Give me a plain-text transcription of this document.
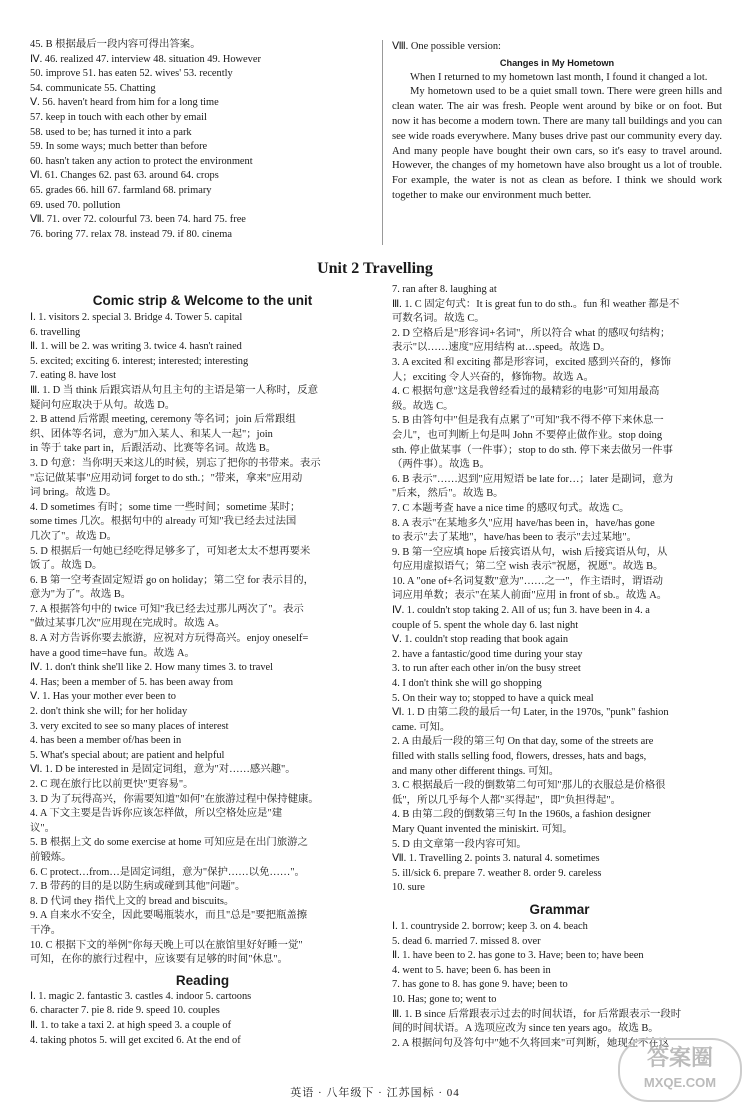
45. B 根据最后一段内容可得出答案。
Ⅳ. 46. realized 47. interview 48. situation 49. However
50. improve 51. has eaten 52. wives' 53. recently
54. communicate 55. Chatting
Ⅴ. 56. haven't heard from him for a long time
57. keep in touch with each other by email
58. used to be; has turned it into a park
59. In some ways; much better than before
60. hasn't taken any action to protect the environment
Ⅵ. 61. Changes 62. past 63. around 64. crops
65. grades 66. hill 67. farmland 68. primary
69. used 70. pollution
Ⅶ. 71. over 72. colourful 73. been 74. hard 75. free
76. boring 77. relax 78. instead 79. if 80. cinema
Ⅷ. One possible version:
Changes in My Hometown
When I returned to my hometown last month, I found it changed a lot.
My hometown used to be a quiet small town. There were green hills and clean water. The air was fresh. People went around by bike or on foot. But now it has become a modern town. There are many tall buildings and you can see wide roads everywhere. Many buses drive past our community every day. And many people have bought their own cars, so it's easy to travel around. However, the changes of my hometown have also brought us a lot of trouble. For example, the water is not as clean as before. I think we should work together to make our environment much better.
Unit 2 Travelling
Comic strip & Welcome to the unit
Ⅰ. 1. visitors 2. special 3. Bridge 4. Tower 5. capital
6. travelling
Ⅱ. 1. will be 2. was writing 3. twice 4. hasn't rained
5. excited; exciting 6. interest; interested; interesting
7. eating 8. have lost
Ⅲ. 1. D 当 think 后跟宾语从句且主句的主语是第一人称时，反意
疑问句应取决于从句。故选 D。
2. B attend 后常跟 meeting, ceremony 等名词；join 后常跟组
织、团体等名词，意为"加入某人、和某人一起"；join
in 等于 take part in，后跟活动、比赛等名词。故选 B。
3. D 句意：当你明天来这儿的时候，别忘了把你的书带来。表示
"忘记做某事"应用动词 forget to do sth.；"带来，拿来"应用动
词 bring。故选 D。
4. D sometimes 有时；some time 一些时间；sometime 某时；
some times 几次。根据句中的 already 可知"我已经去过法国
几次了"。故选 D。
5. D 根据后一句她已经吃得足够多了，可知老太太不想再要米
饭了。故选 D。
6. B 第一空考查固定短语 go on holiday；第二空 for 表示目的，
意为"为了"。故选 B。
7. A 根据答句中的 twice 可知"我已经去过那儿两次了"。表示
"做过某事几次"应用现在完成时。故选 A。
8. A 对方告诉你要去旅游，应祝对方玩得高兴。enjoy oneself=
have a good time=have fun。故选 A。
Ⅳ. 1. don't think she'll like 2. How many times 3. to travel
4. Has; been a member of 5. has been away from
Ⅴ. 1. Has your mother ever been to
2. don't think she will; for her holiday
3. very excited to see so many places of interest
4. has been a member of/has been in
5. What's special about; are patient and helpful
Ⅵ. 1. D be interested in 是固定词组，意为"对……感兴趣"。
2. C 现在旅行比以前更快"更容易"。
3. D 为了玩得高兴，你需要知道"如何"在旅游过程中保持健康。
4. A 下文主要是告诉你应该怎样做，所以空格处应是"建
议"。
5. B 根据上文 do some exercise at home 可知应是在出门旅游之
前锻炼。
6. C protect…from…是固定词组，意为"保护……以免……"。
7. B 带药的目的是以防生病或碰到其他"问题"。
8. D 代词 they 指代上文的 bread and biscuits。
9. A 自来水不安全，因此要喝瓶装水，而且"总是"要把瓶盖擦
干净。
10. C 根据下文的举例"你每天晚上可以在旅馆里好好睡一觉"
可知，在你的旅行过程中，应该要有足够的时间"休息"。
Reading
Ⅰ. 1. magic 2. fantastic 3. castles 4. indoor 5. cartoons
6. character 7. pie 8. ride 9. speed 10. couples
Ⅱ. 1. to take a taxi 2. at high speed 3. a couple of
4. taking photos 5. will get excited 6. At the end of
7. ran after 8. laughing at
Ⅲ. 1. C 固定句式：It is great fun to do sth.。fun 和 weather 都是不
可数名词。故选 C。
2. D 空格后是"形容词+名词"，所以符合 what 的感叹句结构；
表示"以……速度"应用结构 at…speed。故选 D。
3. A excited 和 exciting 都是形容词，excited 感到兴奋的，修饰
人；exciting 令人兴奋的，修饰物。故选 A。
4. C 根据句意"这是我曾经看过的最精彩的电影"可知用最高
级。故选 C。
5. B 由答句中"但是我有点累了"可知"我不得不停下来休息一
会儿"，也可判断上句是叫 John 不要停止做作业。stop doing
sth. 停止做某事（一件事）；stop to do sth. 停下来去做另一件事
（两件事）。故选 B。
6. B 表示"……迟到"应用短语 be late for…；later 是副词，意为
"后来，然后"。故选 B。
7. C 本题考查 have a nice time 的感叹句式。故选 C。
8. A 表示"在某地多久"应用 have/has been in，have/has gone
to 表示"去了某地"，have/has been to 表示"去过某地"。
9. B 第一空应填 hope 后接宾语从句，wish 后接宾语从句，从
句应用虚拟语气；第二空 wish 表示"祝愿，祝愿"。故选 B。
10. A "one of+名词复数"意为"……之一"，作主语时，谓语动
词应用单数；表示"在某人前面"应用 in front of sb.。故选 A。
Ⅳ. 1. couldn't stop taking 2. All of us; fun 3. have been in 4. a
couple of 5. spent the whole day 6. last night
Ⅴ. 1. couldn't stop reading that book again
2. have a fantastic/good time during your stay
3. to run after each other in/on the busy street
4. I don't think she will go shopping
5. On their way to; stopped to have a quick meal
Ⅵ. 1. D 由第二段的最后一句 Later, in the 1970s, "punk" fashion
came. 可知。
2. A 由最后一段的第三句 On that day, some of the streets are
filled with stalls selling food, flowers, dresses, hats and bags,
and many other different things. 可知。
3. C 根据最后一段的倒数第二句可知"那儿的衣服总是价格很
低"，所以几乎每个人都"买得起"，即"负担得起"。
4. B 由第二段的倒数第三句 In the 1960s, a fashion designer
Mary Quant invented the miniskirt. 可知。
5. D 由文章第一段内容可知。
Ⅶ. 1. Travelling 2. points 3. natural 4. sometimes
5. ill/sick 6. prepare 7. weather 8. order 9. careless
10. sure
Grammar
Ⅰ. 1. countryside 2. borrow; keep 3. on 4. beach
5. dead 6. married 7. missed 8. over
Ⅱ. 1. have been to 2. has gone to 3. Have; been to; have been
4. went to 5. have; been 6. has been in
7. has gone to 8. has gone 9. have; been to
10. Has; gone to; went to
Ⅲ. 1. B since 后常跟表示过去的时间状语，for 后常跟表示一段时
间的时间状语。A 选项应改为 since ten years ago。故选 B。
2. A 根据问句及答句中"她不久将回来"可判断，她现在不在这
英语 · 八年级下 · 江苏国标 · 04
答案圈
MXQE.COM
